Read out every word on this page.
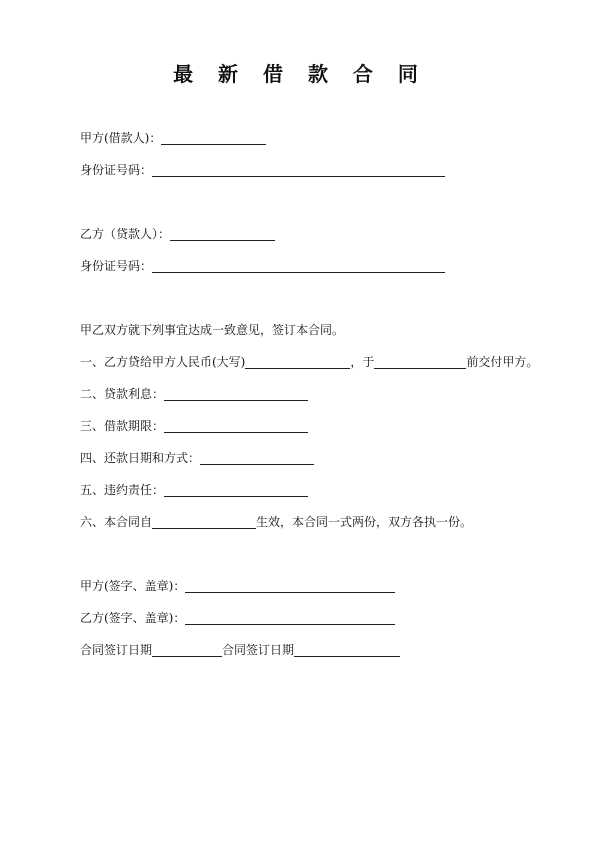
最 新 借 款 合 同
甲方(借款人)：
身份证号码：
乙方（贷款人）：
身份证号码：
甲乙双方就下列事宜达成一致意见，签订本合同。
一、乙方贷给甲方人民币(大写)	，于	前交付甲方。
二、贷款利息：
三、借款期限：
四、还款日期和方式：
五、违约责任：
六、本合同自	生效，本合同一式两份，双方各执一份。
甲方(签字、盖章)：
乙方(签字、盖章)：
合同签订日期	合同签订日期
